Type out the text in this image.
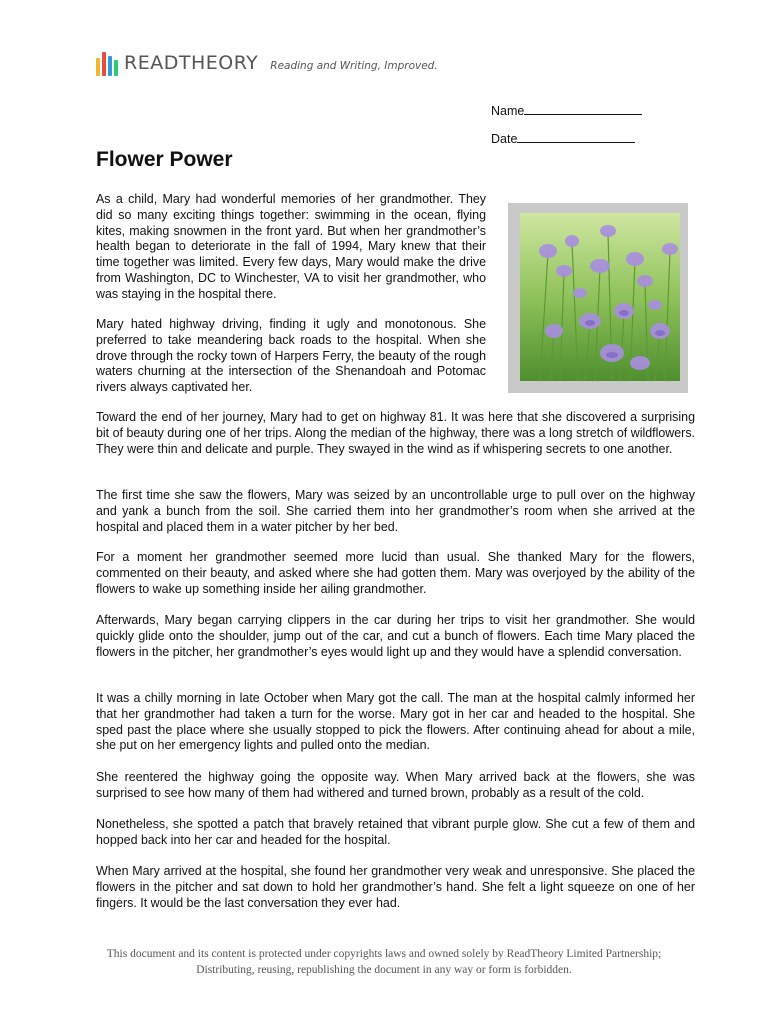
READTHEORY Reading and Writing, Improved.
Name
Date
Flower Power

As a child, Mary had wonderful memories of her grandmother. They did so many exciting things together: swimming in the ocean, flying kites, making snowmen in the front yard. But when her grandmother’s health began to deteriorate in the fall of 1994, Mary knew that their time together was limited. Every few days, Mary would make the drive from Washington, DC to Winchester, VA to visit her grandmother, who was staying in the hospital there.

Mary hated highway driving, finding it ugly and monotonous. She preferred to take meandering back roads to the hospital. When she drove through the rocky town of Harpers Ferry, the beauty of the rough waters churning at the intersection of the Shenandoah and Potomac rivers always captivated her.

Toward the end of her journey, Mary had to get on highway 81. It was here that she discovered a surprising bit of beauty during one of her trips. Along the median of the highway, there was a long stretch of wildflowers. They were thin and delicate and purple. They swayed in the wind as if whispering secrets to one another.

The first time she saw the flowers, Mary was seized by an uncontrollable urge to pull over on the highway and yank a bunch from the soil. She carried them into her grandmother’s room when she arrived at the hospital and placed them in a water pitcher by her bed.

For a moment her grandmother seemed more lucid than usual. She thanked Mary for the flowers, commented on their beauty, and asked where she had gotten them. Mary was overjoyed by the ability of the flowers to wake up something inside her ailing grandmother.

Afterwards, Mary began carrying clippers in the car during her trips to visit her grandmother. She would quickly glide onto the shoulder, jump out of the car, and cut a bunch of flowers. Each time Mary placed the flowers in the pitcher, her grandmother’s eyes would light up and they would have a splendid conversation.

It was a chilly morning in late October when Mary got the call. The man at the hospital calmly informed her that her grandmother had taken a turn for the worse. Mary got in her car and headed to the hospital. She sped past the place where she usually stopped to pick the flowers. After continuing ahead for about a mile, she put on her emergency lights and pulled onto the median.

She reentered the highway going the opposite way. When Mary arrived back at the flowers, she was surprised to see how many of them had withered and turned brown, probably as a result of the cold.

Nonetheless, she spotted a patch that bravely retained that vibrant purple glow. She cut a few of them and hopped back into her car and headed for the hospital.

When Mary arrived at the hospital, she found her grandmother very weak and unresponsive. She placed the flowers in the pitcher and sat down to hold her grandmother’s hand. She felt a light squeeze on one of her fingers. It would be the last conversation they ever had.

This document and its content is protected under copyrights laws and owned solely by ReadTheory Limited Partnership; Distributing, reusing, republishing the document in any way or form is forbidden.
